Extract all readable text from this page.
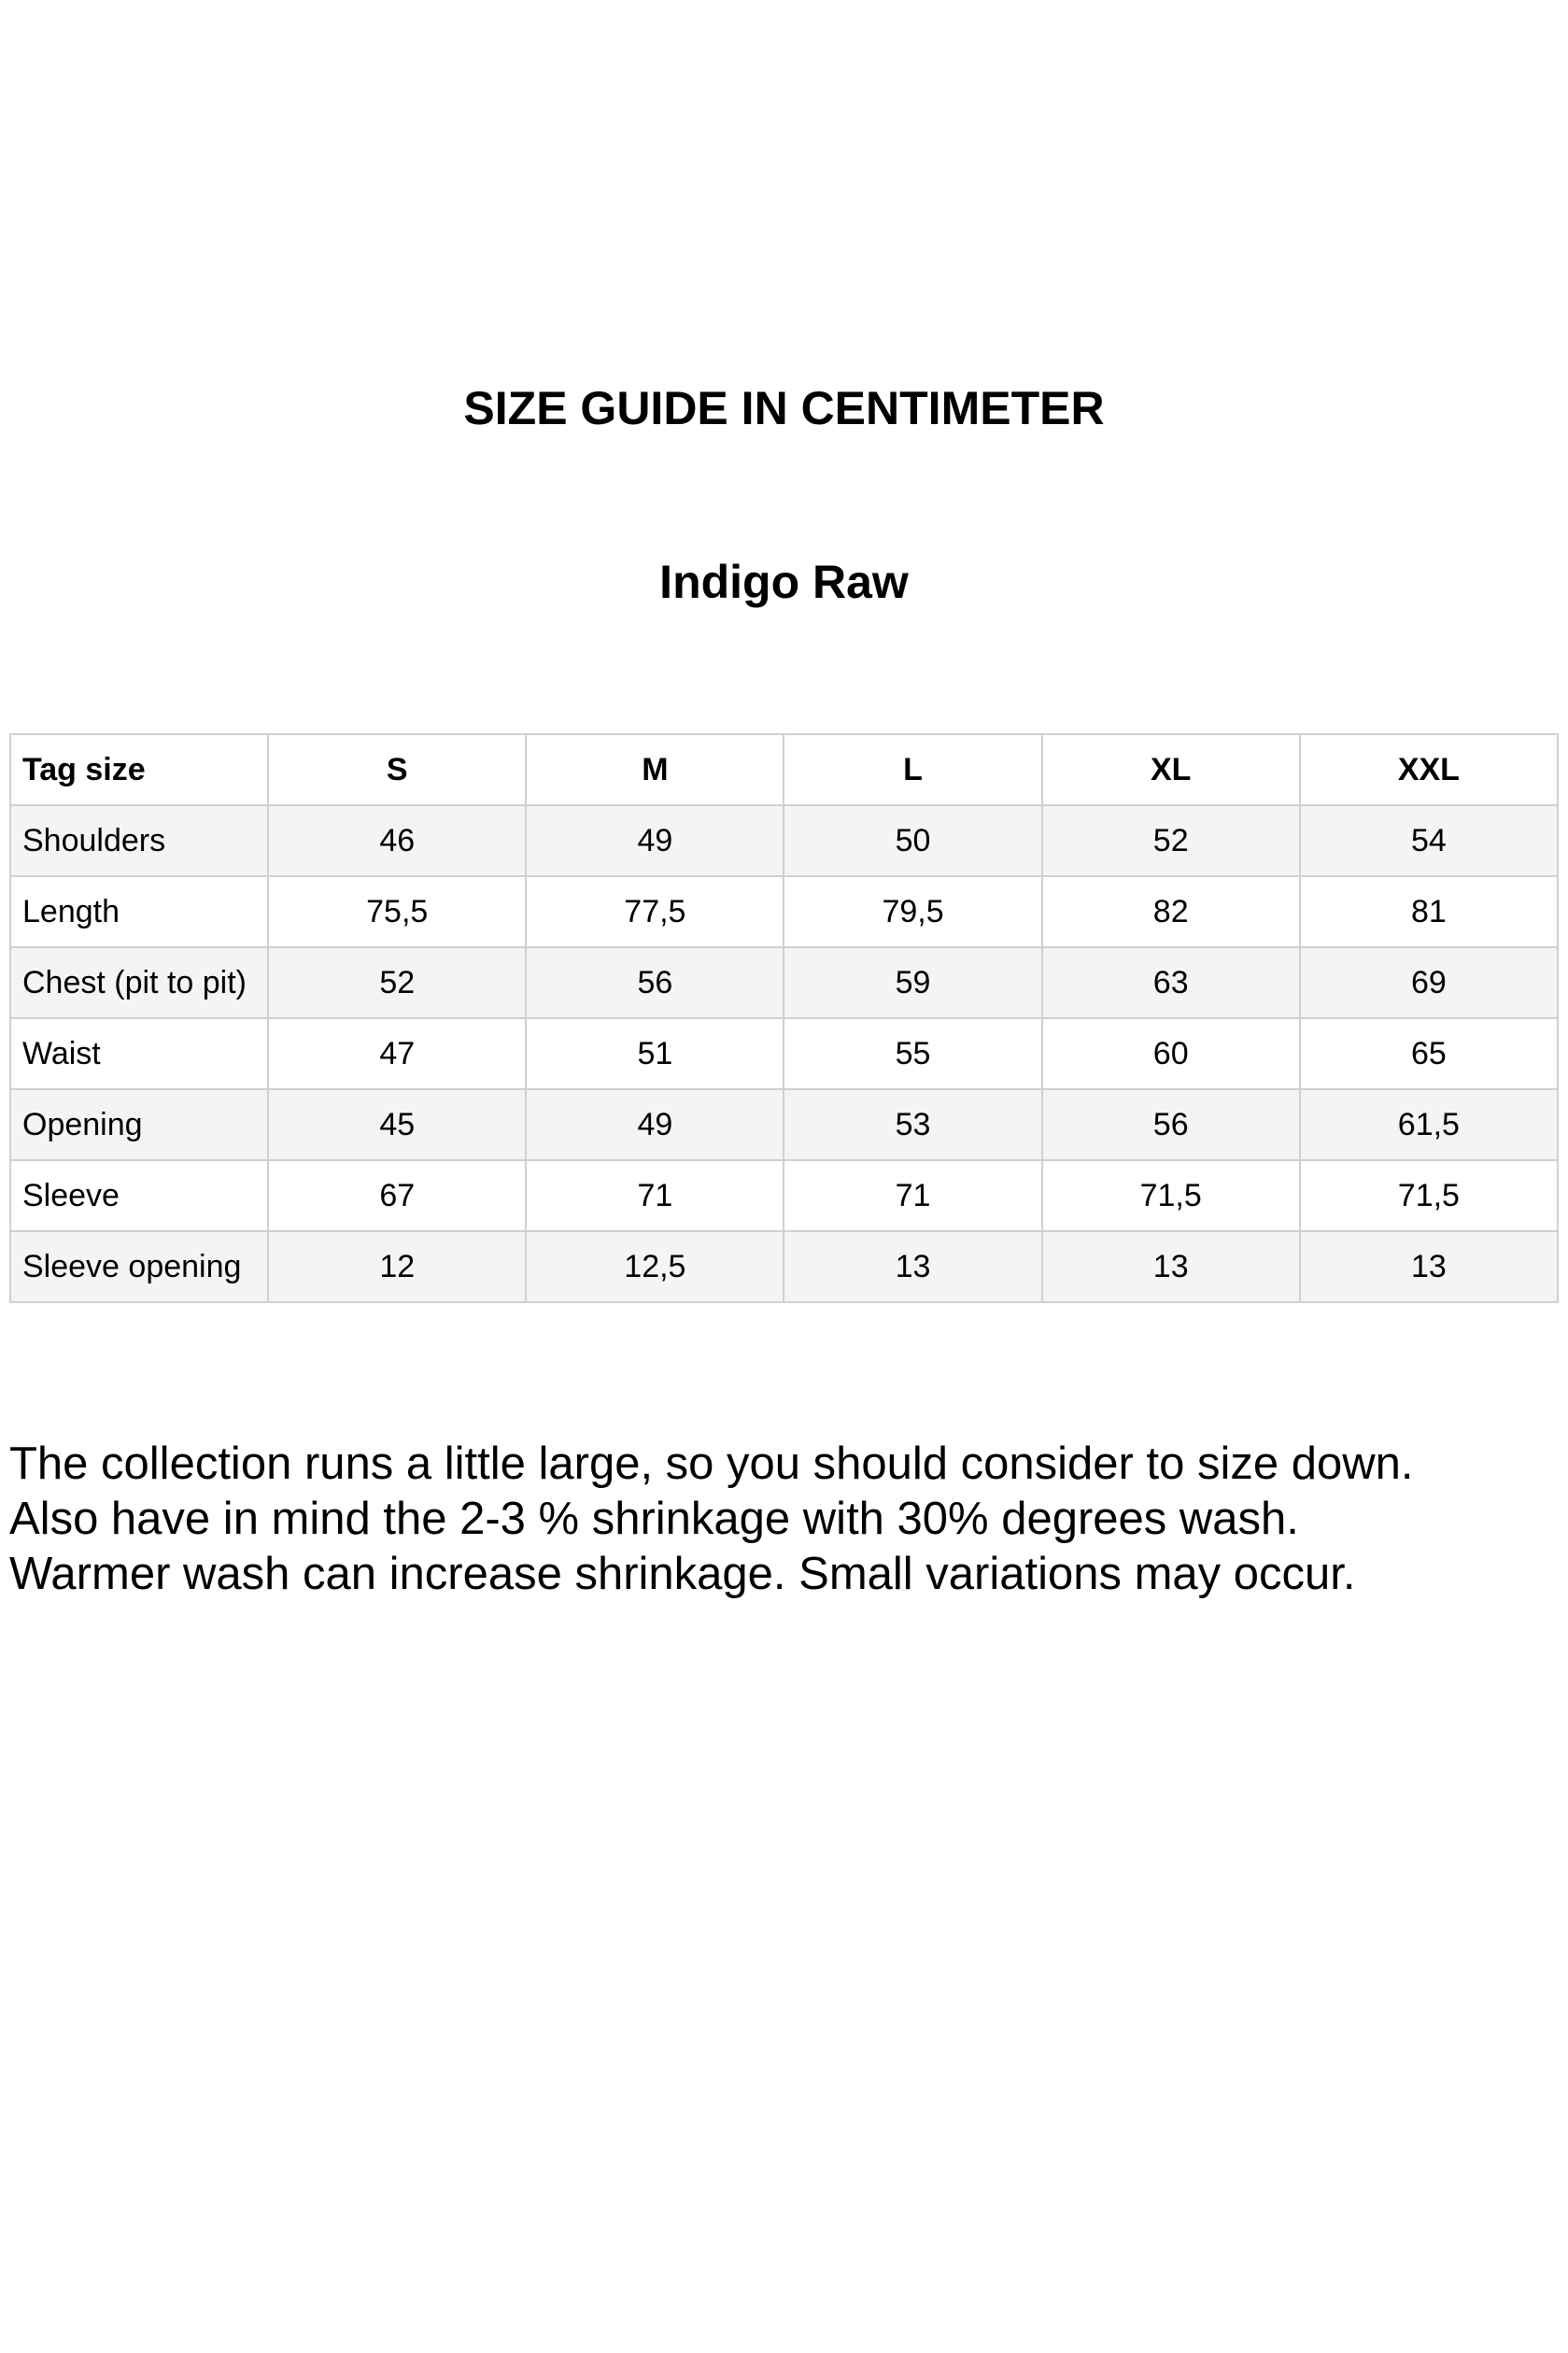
SIZE GUIDE IN CENTIMETER
Indigo Raw
Tag size	S	M	L	XL	XXL
Shoulders	46	49	50	52	54
Length	75,5	77,5	79,5	82	81
Chest (pit to pit)	52	56	59	63	69
Waist	47	51	55	60	65
Opening	45	49	53	56	61,5
Sleeve	67	71	71	71,5	71,5
Sleeve opening	12	12,5	13	13	13
The collection runs a little large, so you should consider to size down.
Also have in mind the 2-3 % shrinkage with 30% degrees wash.
Warmer wash can increase shrinkage. Small variations may occur.
